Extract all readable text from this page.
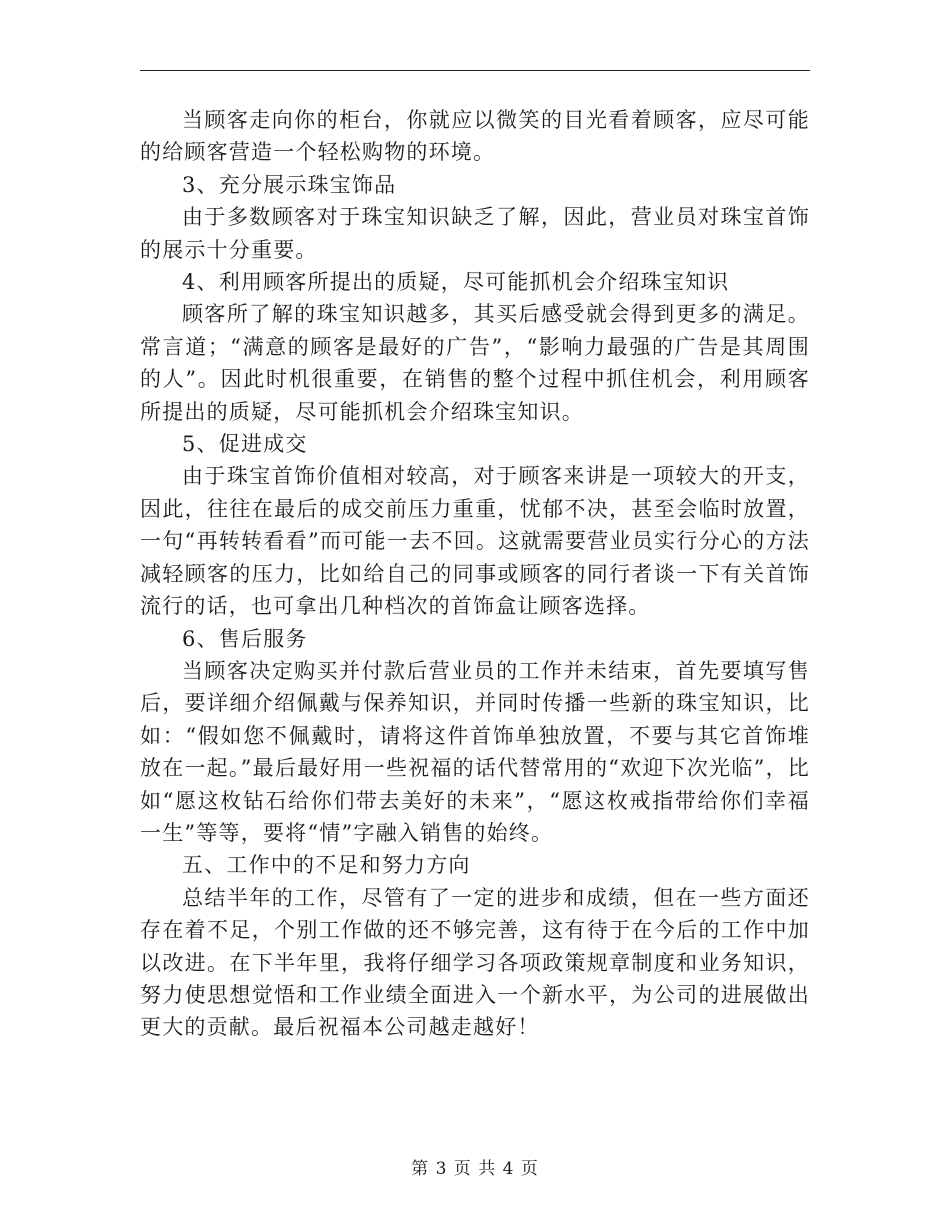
当顾客走向你的柜台，你就应以微笑的目光看着顾客，应尽可能的给顾客营造一个轻松购物的环境。

3、充分展示珠宝饰品

由于多数顾客对于珠宝知识缺乏了解，因此，营业员对珠宝首饰的展示十分重要。

4、利用顾客所提出的质疑，尽可能抓机会介绍珠宝知识

顾客所了解的珠宝知识越多，其买后感受就会得到更多的满足。常言道；“满意的顾客是最好的广告”，“影响力最强的广告是其周围的人”。因此时机很重要，在销售的整个过程中抓住机会，利用顾客所提出的质疑，尽可能抓机会介绍珠宝知识。

5、促进成交

由于珠宝首饰价值相对较高，对于顾客来讲是一项较大的开支，因此，往往在最后的成交前压力重重，忧郁不决，甚至会临时放置，一句“再转转看看”而可能一去不回。这就需要营业员实行分心的方法减轻顾客的压力，比如给自己的同事或顾客的同行者谈一下有关首饰流行的话，也可拿出几种档次的首饰盒让顾客选择。

6、售后服务

当顾客决定购买并付款后营业员的工作并未结束，首先要填写售后，要详细介绍佩戴与保养知识，并同时传播一些新的珠宝知识，比如：“假如您不佩戴时，请将这件首饰单独放置，不要与其它首饰堆放在一起。”最后最好用一些祝福的话代替常用的“欢迎下次光临”，比如“愿这枚钻石给你们带去美好的未来”，“愿这枚戒指带给你们幸福一生”等等，要将“情”字融入销售的始终。

五、工作中的不足和努力方向

总结半年的工作，尽管有了一定的进步和成绩，但在一些方面还存在着不足，个别工作做的还不够完善，这有待于在今后的工作中加以改进。在下半年里，我将仔细学习各项政策规章制度和业务知识，努力使思想觉悟和工作业绩全面进入一个新水平，为公司的进展做出更大的贡献。最后祝福本公司越走越好！

第 3 页 共 4 页
